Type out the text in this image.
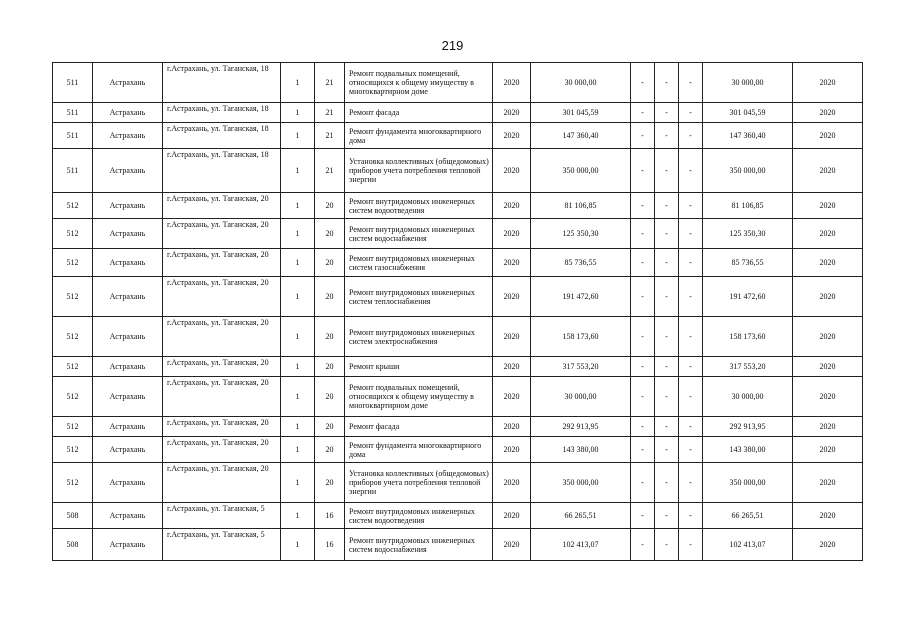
219
511	Астрахань	г.Астрахань, ул. Таганская, 18	1	21	Ремонт подвальных помещений, относящихся к общему имуществу в многоквартирном доме	2020	30 000,00	-	-	-	30 000,00	2020
511	Астрахань	г.Астрахань, ул. Таганская, 18	1	21	Ремонт фасада	2020	301 045,59	-	-	-	301 045,59	2020
511	Астрахань	г.Астрахань, ул. Таганская, 18	1	21	Ремонт фундамента многоквартирного дома	2020	147 360,40	-	-	-	147 360,40	2020
511	Астрахань	г.Астрахань, ул. Таганская, 18	1	21	Установка коллективных (общедомовых) приборов учета потребления тепловой энергии	2020	350 000,00	-	-	-	350 000,00	2020
512	Астрахань	г.Астрахань, ул. Таганская, 20	1	20	Ремонт внутридомовых инженерных систем водоотведения	2020	81 106,85	-	-	-	81 106,85	2020
512	Астрахань	г.Астрахань, ул. Таганская, 20	1	20	Ремонт внутридомовых инженерных систем водоснабжения	2020	125 350,30	-	-	-	125 350,30	2020
512	Астрахань	г.Астрахань, ул. Таганская, 20	1	20	Ремонт внутридомовых инженерных систем газоснабжения	2020	85 736,55	-	-	-	85 736,55	2020
512	Астрахань	г.Астрахань, ул. Таганская, 20	1	20	Ремонт внутридомовых инженерных систем теплоснабжения	2020	191 472,60	-	-	-	191 472,60	2020
512	Астрахань	г.Астрахань, ул. Таганская, 20	1	20	Ремонт внутридомовых инженерных систем электроснабжения	2020	158 173,60	-	-	-	158 173,60	2020
512	Астрахань	г.Астрахань, ул. Таганская, 20	1	20	Ремонт крыши	2020	317 553,20	-	-	-	317 553,20	2020
512	Астрахань	г.Астрахань, ул. Таганская, 20	1	20	Ремонт подвальных помещений, относящихся к общему имуществу в многоквартирном доме	2020	30 000,00	-	-	-	30 000,00	2020
512	Астрахань	г.Астрахань, ул. Таганская, 20	1	20	Ремонт фасада	2020	292 913,95	-	-	-	292 913,95	2020
512	Астрахань	г.Астрахань, ул. Таганская, 20	1	20	Ремонт фундамента многоквартирного дома	2020	143 380,00	-	-	-	143 380,00	2020
512	Астрахань	г.Астрахань, ул. Таганская, 20	1	20	Установка коллективных (общедомовых) приборов учета потребления тепловой энергии	2020	350 000,00	-	-	-	350 000,00	2020
508	Астрахань	г.Астрахань, ул. Таганская, 5	1	16	Ремонт внутридомовых инженерных систем водоотведения	2020	66 265,51	-	-	-	66 265,51	2020
508	Астрахань	г.Астрахань, ул. Таганская, 5	1	16	Ремонт внутридомовых инженерных систем водоснабжения	2020	102 413,07	-	-	-	102 413,07	2020
